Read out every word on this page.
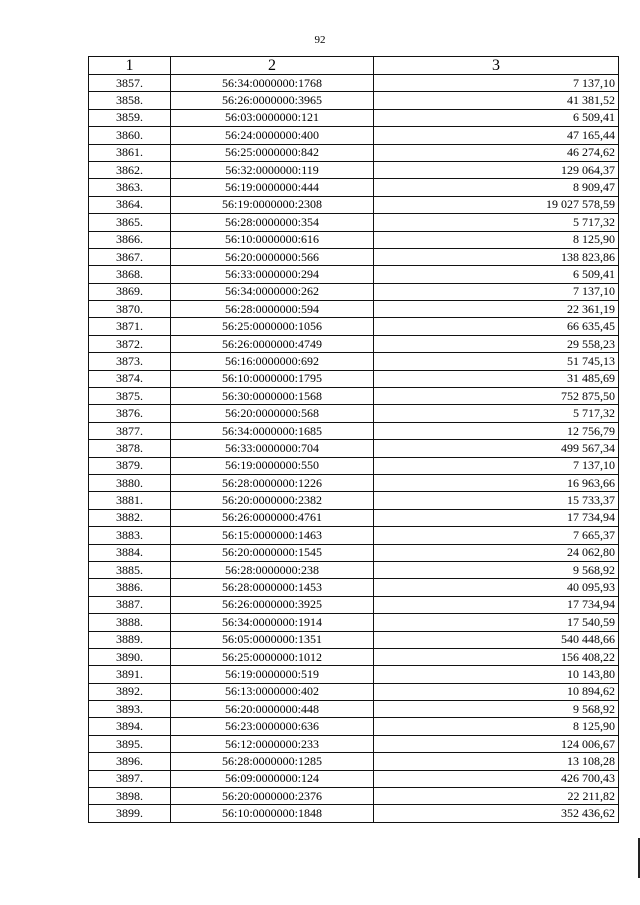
92
1	2	3
3857.	56:34:0000000:1768	7 137,10
3858.	56:26:0000000:3965	41 381,52
3859.	56:03:0000000:121	6 509,41
3860.	56:24:0000000:400	47 165,44
3861.	56:25:0000000:842	46 274,62
3862.	56:32:0000000:119	129 064,37
3863.	56:19:0000000:444	8 909,47
3864.	56:19:0000000:2308	19 027 578,59
3865.	56:28:0000000:354	5 717,32
3866.	56:10:0000000:616	8 125,90
3867.	56:20:0000000:566	138 823,86
3868.	56:33:0000000:294	6 509,41
3869.	56:34:0000000:262	7 137,10
3870.	56:28:0000000:594	22 361,19
3871.	56:25:0000000:1056	66 635,45
3872.	56:26:0000000:4749	29 558,23
3873.	56:16:0000000:692	51 745,13
3874.	56:10:0000000:1795	31 485,69
3875.	56:30:0000000:1568	752 875,50
3876.	56:20:0000000:568	5 717,32
3877.	56:34:0000000:1685	12 756,79
3878.	56:33:0000000:704	499 567,34
3879.	56:19:0000000:550	7 137,10
3880.	56:28:0000000:1226	16 963,66
3881.	56:20:0000000:2382	15 733,37
3882.	56:26:0000000:4761	17 734,94
3883.	56:15:0000000:1463	7 665,37
3884.	56:20:0000000:1545	24 062,80
3885.	56:28:0000000:238	9 568,92
3886.	56:28:0000000:1453	40 095,93
3887.	56:26:0000000:3925	17 734,94
3888.	56:34:0000000:1914	17 540,59
3889.	56:05:0000000:1351	540 448,66
3890.	56:25:0000000:1012	156 408,22
3891.	56:19:0000000:519	10 143,80
3892.	56:13:0000000:402	10 894,62
3893.	56:20:0000000:448	9 568,92
3894.	56:23:0000000:636	8 125,90
3895.	56:12:0000000:233	124 006,67
3896.	56:28:0000000:1285	13 108,28
3897.	56:09:0000000:124	426 700,43
3898.	56:20:0000000:2376	22 211,82
3899.	56:10:0000000:1848	352 436,62
